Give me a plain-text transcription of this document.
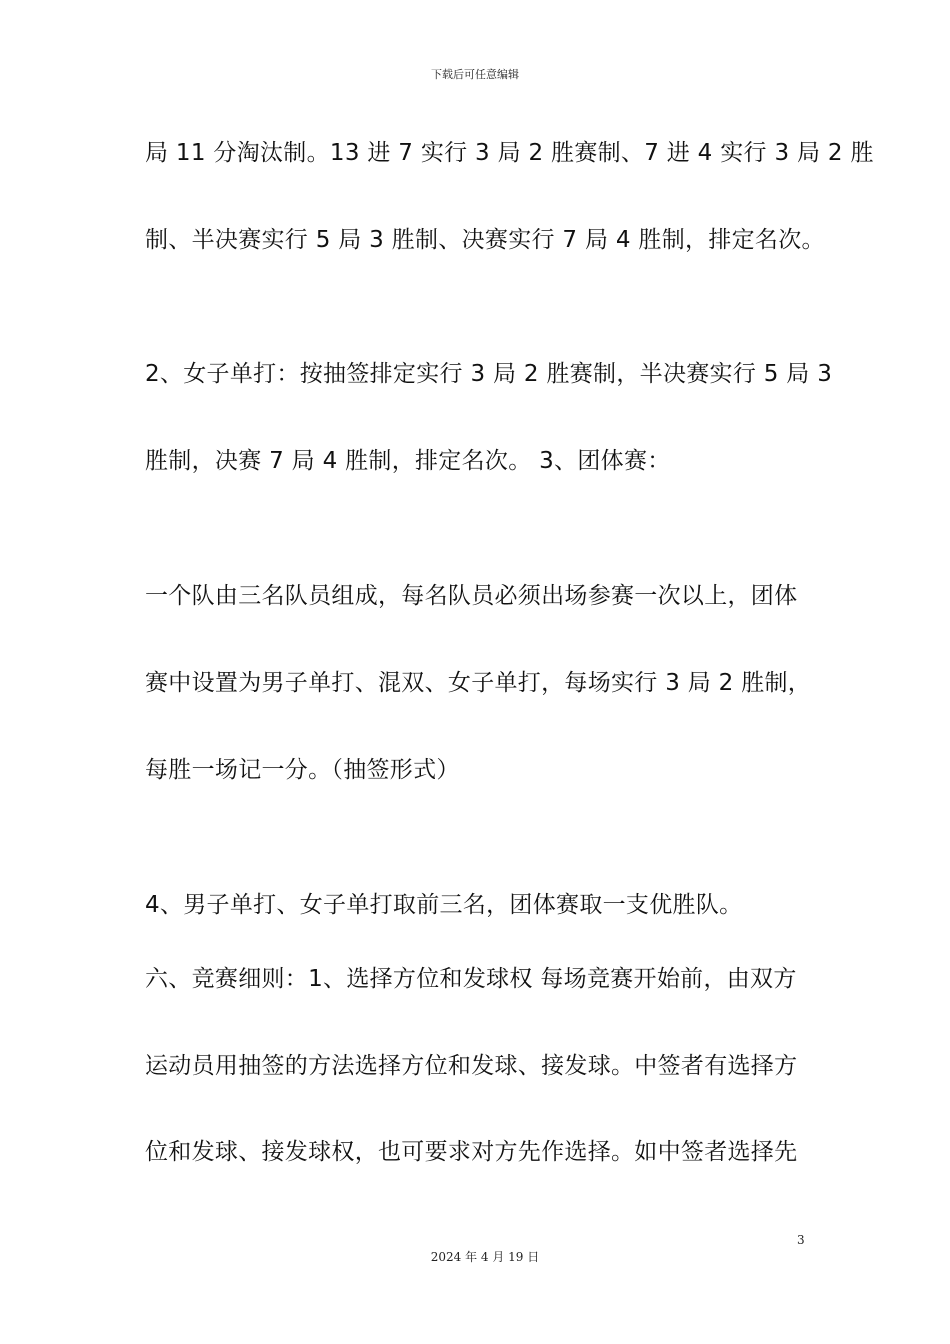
下载后可任意编辑
局 11 分淘汰制。13 进 7 实行 3 局 2 胜赛制、7 进 4 实行 3 局 2 胜
制、半决赛实行 5 局 3 胜制、决赛实行 7 局 4 胜制，排定名次。
2、女子单打：按抽签排定实行 3 局 2 胜赛制，半决赛实行 5 局 3
胜制，决赛 7 局 4 胜制，排定名次。 3、团体赛：
一个队由三名队员组成，每名队员必须出场参赛一次以上，团体
赛中设置为男子单打、混双、女子单打，每场实行 3 局 2 胜制，
每胜一场记一分。（抽签形式）
4、男子单打、女子单打取前三名，团体赛取一支优胜队。
六、竞赛细则：1、选择方位和发球权 每场竞赛开始前，由双方
运动员用抽签的方法选择方位和发球、接发球。中签者有选择方
位和发球、接发球权，也可要求对方先作选择。如中签者选择先
3
2024 年 4 月 19 日
